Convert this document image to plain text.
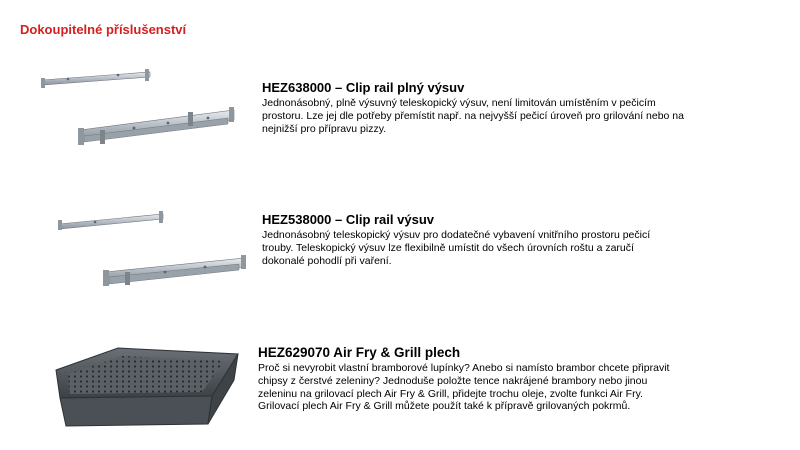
Dokoupitelné příslušenství
HEZ638000 – Clip rail plný výsuv

Jednonásobný, plně výsuvný teleskopický výsuv, není limitován umístěním v pečicím prostoru. Lze jej dle potřeby přemístit např. na nejvyšší pečicí úroveň pro grilování nebo na nejnižší pro přípravu pizzy.

HEZ538000 – Clip rail výsuv

Jednonásobný teleskopický výsuv pro dodatečné vybavení vnitřního prostoru pečicí trouby. Teleskopický výsuv lze flexibilně umístit do všech úrovních roštu a zaručí dokonalé pohodlí při vaření.

HEZ629070 Air Fry & Grill plech

Proč si nevyrobit vlastní bramborové lupínky? Anebo si namísto brambor chcete připravit chipsy z čerstvé zeleniny? Jednoduše položte tence nakrájené brambory nebo jinou zeleninu na grilovací plech Air Fry & Grill, přidejte trochu oleje, zvolte funkci Air Fry. Grilovací plech Air Fry & Grill můžete použít také k přípravě grilovaných pokrmů.
